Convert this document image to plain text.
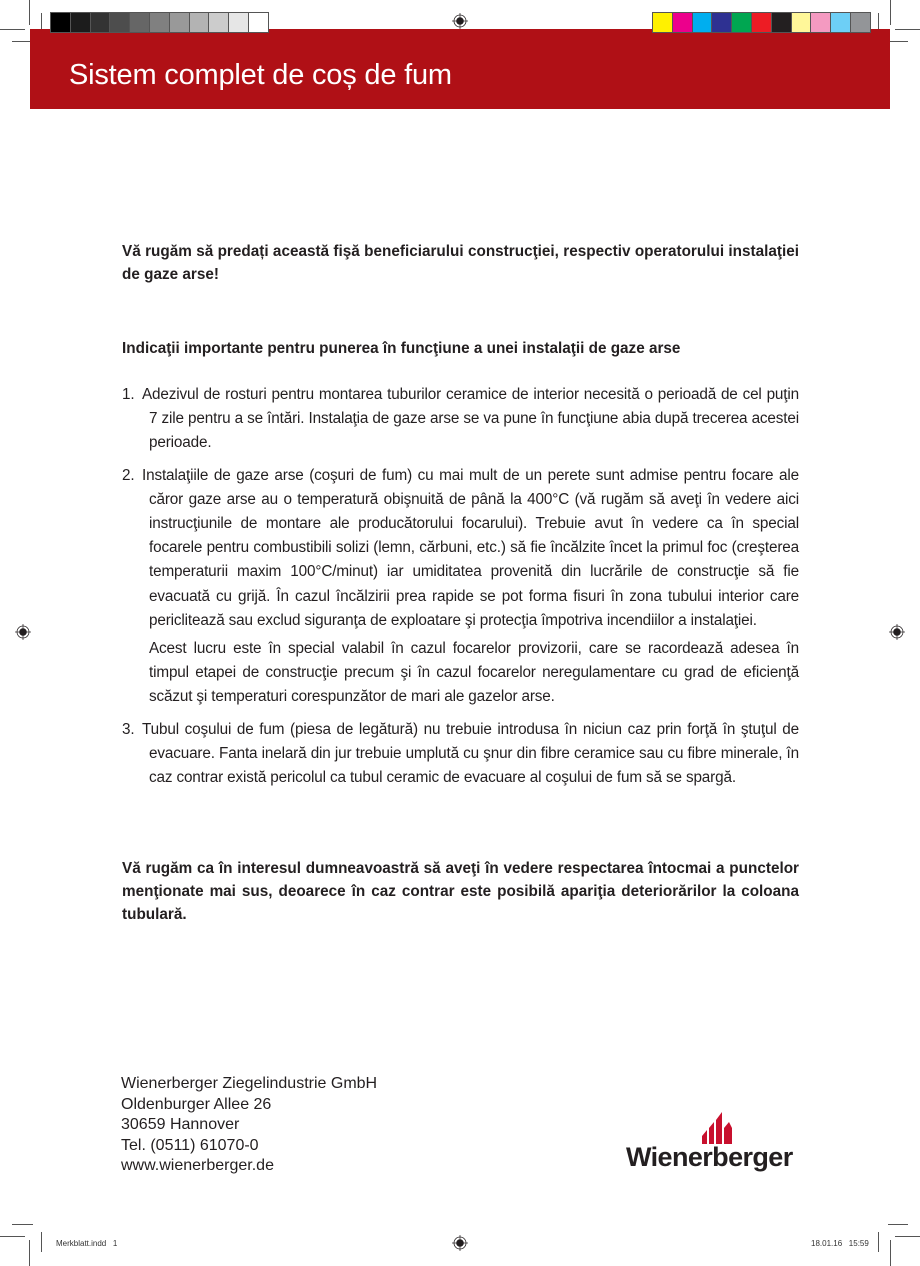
Sistem complet de coș de fum

Vă rugăm să predați această fişă beneficiarului construcţiei, respectiv operatorului instalaţiei de gaze arse!

Indicaţii importante pentru punerea în funcţiune a unei instalaţii de gaze arse

1. Adezivul de rosturi pentru montarea tuburilor ceramice de interior necesită o perioadă de cel puţin 7 zile pentru a se întări. Instalaţia de gaze arse se va pune în funcţiune abia după trecerea acestei perioade.

2. Instalaţiile de gaze arse (coşuri de fum) cu mai mult de un perete sunt admise pentru focare ale căror gaze arse au o temperatură obişnuită de până la 400°C (vă rugăm să aveţi în vedere aici instrucţiunile de montare ale producătorului focarului). Trebuie avut în vedere ca în special focarele pentru combustibili solizi (lemn, cărbuni, etc.) să fie încălzite încet la primul foc (creşterea temperaturii maxim 100°C/minut) iar umiditatea provenită din lucrările de construcţie să fie evacuată cu grijă. În cazul încălzirii prea rapide se pot forma fisuri în zona tubului interior care periclitează sau exclud siguranţa de exploatare şi protecţia împotriva incendiilor a instalaţiei.

Acest lucru este în special valabil în cazul focarelor provizorii, care se racordează adesea în timpul etapei de construcţie precum şi în cazul focarelor neregulamentare cu grad de eficienţă scăzut şi temperaturi corespunzător de mari ale gazelor arse.

3. Tubul coşului de fum (piesa de legătură) nu trebuie introdusa în niciun caz prin forţă în ştuţul de evacuare. Fanta inelară din jur trebuie umplută cu şnur din fibre ceramice sau cu fibre minerale, în caz contrar există pericolul ca tubul ceramic de evacuare al coşului de fum să se spargă.

Vă rugăm ca în interesul dumneavoastră să aveţi în vedere respectarea întocmai a punctelor menţionate mai sus, deoarece în caz contrar este posibilă apariţia deteriorărilor la coloana tubulară.

Wienerberger Ziegelindustrie GmbH
Oldenburger Allee 26
30659 Hannover
Tel. (0511) 61070-0
www.wienerberger.de	Wienerberger
Merkblatt.indd   1	18.01.16   15:59
